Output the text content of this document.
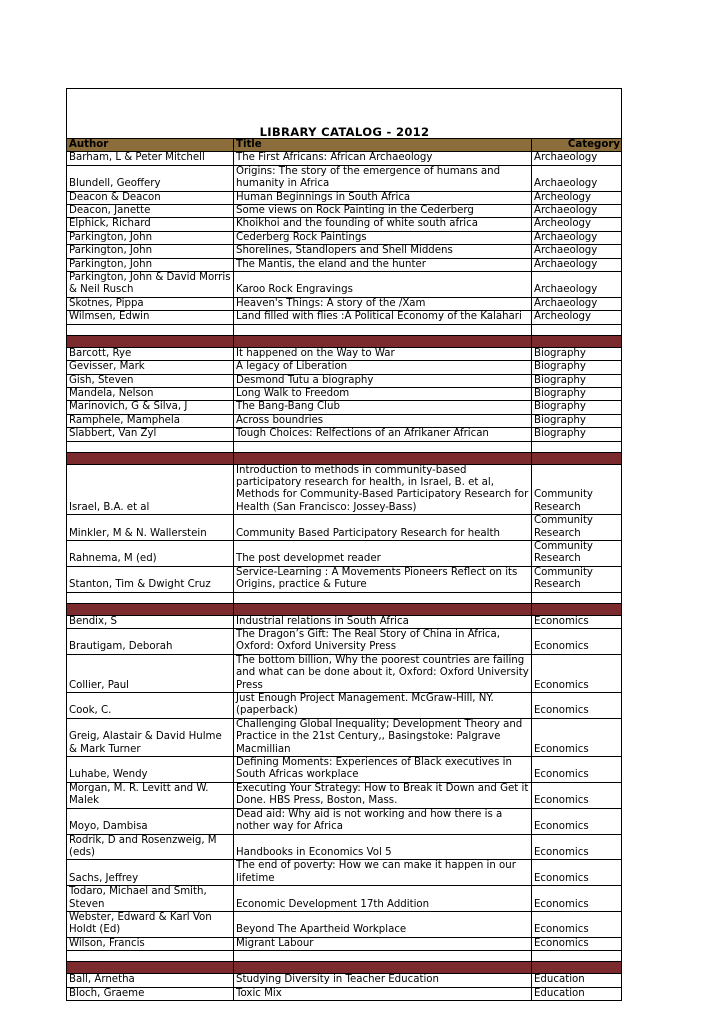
LIBRARY CATALOG - 2012		
Author	Title	Category
Barham, L & Peter Mitchell	The First Africans: African Archaeology	Archaeology
Blundell, Geoffery	Origins: The story of the emergence of humans and humanity in Africa	Archaeology
Deacon & Deacon	Human Beginnings in South Africa	Archeology
Deacon, Janette	Some views on Rock Painting in the Cederberg	Archaeology
Elphick, Richard	Khoikhoi and the founding of white south africa	Archeology
Parkington, John	Cederberg Rock Paintings	Archaeology
Parkington, John	Shorelines, Standlopers and Shell Middens	Archaeology
Parkington, John	The Mantis, the eland and the hunter	Archaeology
Parkington, John & David Morris & Neil Rusch	Karoo Rock Engravings	Archaeology
Skotnes, Pippa	Heaven's Things: A story of the /Xam	Archaeology
Wilmsen, Edwin	Land filled with flies :A Political Economy of the Kalahari	Archeology

Barcott, Rye	It happened on the Way to War	Biography
Gevisser, Mark	A legacy of Liberation	Biography
Gish, Steven	Desmond Tutu a biography	Biography
Mandela, Nelson	Long Walk to Freedom	Biography
Marinovich, G & Silva, J	The Bang-Bang Club	Biography
Ramphele, Mamphela	Across boundries	Biography
Slabbert, Van Zyl	Tough Choices: Relfections of an Afrikaner African	Biography

Israel, B.A. et al	Introduction to methods in community-based participatory research for health, in Israel, B. et al, Methods for Community-Based Participatory Research for Health (San Francisco: Jossey-Bass)	Community Research
Minkler, M & N. Wallerstein	Community Based Participatory Research for health	Community Research
Rahnema, M (ed)	The post developmet reader	Community Research
Stanton, Tim & Dwight Cruz	Service-Learning : A Movements Pioneers Reflect on its Origins, practice & Future	Community Research

Bendix, S	Industrial relations in South Africa	Economics
Brautigam, Deborah	The Dragon’s Gift: The Real Story of China in Africa, Oxford: Oxford University Press	Economics
Collier, Paul	The bottom billion, Why the poorest countries are failing and what can be done about it, Oxford: Oxford University Press	Economics
Cook, C.	Just Enough Project Management. McGraw-Hill, NY. (paperback)	Economics
Greig, Alastair & David Hulme & Mark Turner	Challenging Global Inequality; Development Theory and Practice in the 21st Century,, Basingstoke: Palgrave Macmillian	Economics
Luhabe, Wendy	Defining Moments: Experiences of Black executives in South Africas workplace	Economics
Morgan, M. R. Levitt and W. Malek	Executing Your Strategy: How to Break it Down and Get it Done. HBS Press, Boston, Mass.	Economics
Moyo, Dambisa	Dead aid: Why aid is not working and how there is a nother way for Africa	Economics
Rodrik, D and Rosenzweig, M (eds)	Handbooks in Economics Vol 5	Economics
Sachs, Jeffrey	The end of poverty: How we can make it happen in our lifetime	Economics
Todaro, Michael and Smith, Steven	Economic Development 17th Addition	Economics
Webster, Edward & Karl Von Holdt (Ed)	Beyond The Apartheid Workplace	Economics
Wilson, Francis	Migrant Labour	Economics

Ball, Arnetha	Studying Diversity in Teacher Education	Education
Bloch, Graeme	Toxic Mix	Education
